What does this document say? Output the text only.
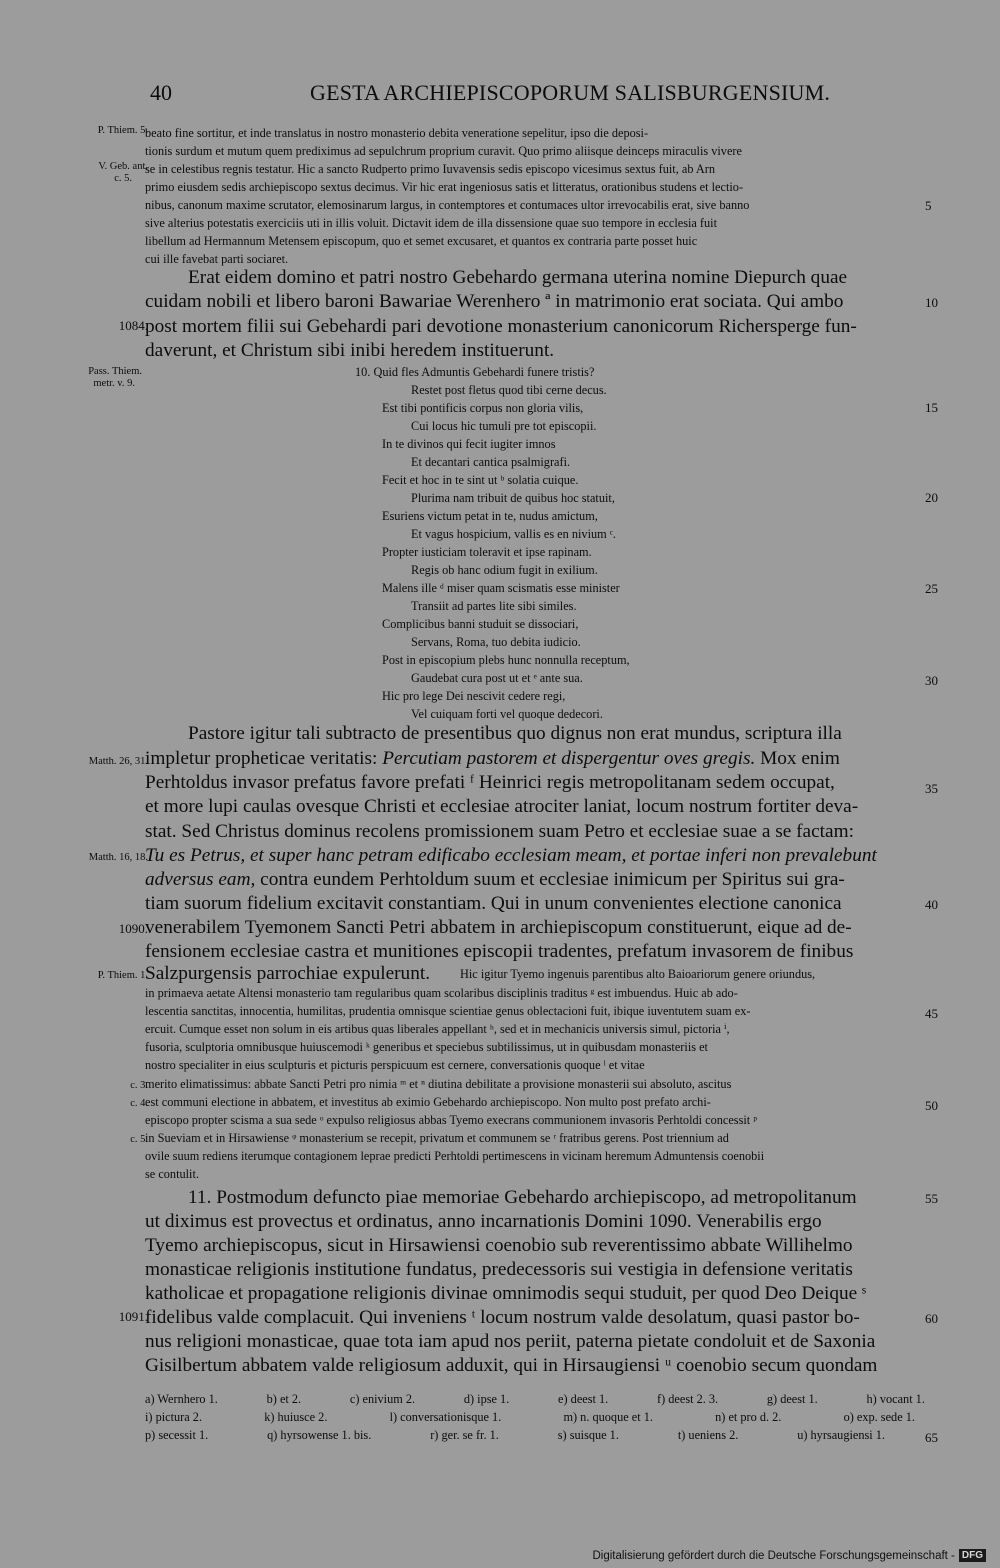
40	GESTA ARCHIEPISCOPORUM SALISBURGENSIUM.
P. Thiem. 5.
V. Geb. ant.
c. 5.
1084.
Pass. Thiem.
metr. v. 9.
Matth. 26, 31.
Matth. 16, 18.
1090.
P. Thiem. 1.
c. 3.
c. 4.
c. 5.
1091.
5
10
15
20
25
30
35
40
45
50
55
60
65
beato fine sortitur, et inde translatus in nostro monasterio debita veneratione sepelitur, ipso die deposi-
tionis surdum et mutum quem prediximus ad sepulchrum proprium curavit. Quo primo aliisque deinceps miraculis vivere
se in celestibus regnis testatur. Hic a sancto Rudperto primo Iuvavensis sedis episcopo vicesimus sextus fuit, ab Arn
primo eiusdem sedis archiepiscopo sextus decimus. Vir hic erat ingeniosus satis et litteratus, orationibus studens et lectio-
nibus, canonum maxime scrutator, elemosinarum largus, in contemptores et contumaces ultor irrevocabilis erat, sive banno
sive alterius potestatis exerciciis uti in illis voluit. Dictavit idem de illa dissensione quae suo tempore in ecclesia fuit
libellum ad Hermannum Metensem episcopum, quo et semet excusaret, et quantos ex contraria parte posset huic
cui ille favebat parti sociaret.
Erat eidem domino et patri nostro Gebehardo germana uterina nomine Diepurch quae
cuidam nobili et libero baroni Bawariae Werenhero ª in matrimonio erat sociata. Qui ambo
post mortem filii sui Gebehardi pari devotione monasterium canonicorum Richersperge fun-
daverunt, et Christum sibi inibi heredem instituerunt.
10. Quid fles Admuntis Gebehardi funere tristis?
Restet post fletus quod tibi cerne decus.
Est tibi pontificis corpus non gloria vilis,
Cui locus hic tumuli pre tot episcopii.
In te divinos qui fecit iugiter imnos
Et decantari cantica psalmigrafi.
Fecit et hoc in te sint ut ᵇ solatia cuique.
Plurima nam tribuit de quibus hoc statuit,
Esuriens victum petat in te, nudus amictum,
Et vagus hospicium, vallis es en nivium ᶜ.
Propter iusticiam toleravit et ipse rapinam.
Regis ob hanc odium fugit in exilium.
Malens ille ᵈ miser quam scismatis esse minister
Transiit ad partes lite sibi similes.
Complicibus banni studuit se dissociari,
Servans, Roma, tuo debita iudicio.
Post in episcopium plebs hunc nonnulla receptum,
Gaudebat cura post ut et ᵉ ante sua.
Hic pro lege Dei nescivit cedere regi,
Vel cuiquam forti vel quoque dedecori.
Pastore igitur tali subtracto de presentibus quo dignus non erat mundus, scriptura illa
impletur propheticae veritatis: Percutiam pastorem et dispergentur oves gregis. Mox enim
Perhtoldus invasor prefatus favore prefati ᶠ Heinrici regis metropolitanam sedem occupat,
et more lupi caulas ovesque Christi et ecclesiae atrociter laniat, locum nostrum fortiter deva-
stat. Sed Christus dominus recolens promissionem suam Petro et ecclesiae suae a se factam:
Tu es Petrus, et super hanc petram edificabo ecclesiam meam, et portae inferi non prevalebunt
adversus eam, contra eundem Perhtoldum suum et ecclesiae inimicum per Spiritus sui gra-
tiam suorum fidelium excitavit constantiam. Qui in unum convenientes electione canonica
venerabilem Tyemonem Sancti Petri abbatem in archiepiscopum constituerunt, eique ad de-
fensionem ecclesiae castra et munitiones episcopii tradentes, prefatum invasorem de finibus
Salzpurgensis parrochiae expulerunt.	Hic igitur Tyemo ingenuis parentibus alto Baioariorum genere oriundus,
in primaeva aetate Altensi monasterio tam regularibus quam scolaribus disciplinis traditus ᵍ est imbuendus. Huic ab ado-
lescentia sanctitas, innocentia, humilitas, prudentia omnisque scientiae genus oblectacioni fuit, ibique iuventutem suam ex-
ercuit. Cumque esset non solum in eis artibus quas liberales appellant ʰ, sed et in mechanicis universis simul, pictoria ⁱ,
fusoria, sculptoria omnibusque huiuscemodi ᵏ generibus et speciebus subtilissimus, ut in quibusdam monasteriis et
nostro specialiter in eius sculpturis et picturis perspicuum est cernere, conversationis quoque ˡ et vitae
merito elimatissimus: abbate Sancti Petri pro nimia ᵐ et ⁿ diutina debilitate a provisione monasterii sui absoluto, ascitus
est communi electione in abbatem, et investitus ab eximio Gebehardo archiepiscopo. Non multo post prefato archi-
episcopo propter scisma a sua sede ᵒ expulso religiosus abbas Tyemo execrans communionem invasoris Perhtoldi concessit ᵖ
in Sueviam et in Hirsawiense ᵠ monasterium se recepit, privatum et communem se ʳ fratribus gerens. Post triennium ad
ovile suum rediens iterumque contagionem leprae predicti Perhtoldi pertimescens in vicinam heremum Admuntensis coenobii
se contulit.
11. Postmodum defuncto piae memoriae Gebehardo archiepiscopo, ad metropolitanum
ut diximus est provectus et ordinatus, anno incarnationis Domini 1090. Venerabilis ergo
Tyemo archiepiscopus, sicut in Hirsawiensi coenobio sub reverentissimo abbate Willihelmo
monasticae religionis institutione fundatus, predecessoris sui vestigia in defensione veritatis
katholicae et propagatione religionis divinae omnimodis sequi studuit, per quod Deo Deique ˢ
fidelibus valde complacuit. Qui inveniens ᵗ locum nostrum valde desolatum, quasi pastor bo-
nus religioni monasticae, quae tota iam apud nos periit, paterna pietate condoluit et de Saxonia
Gisilbertum abbatem valde religiosum adduxit, qui in Hirsaugiensi ᵘ coenobio secum quondam
a) Wernhero 1.	b) et 2.	c) enivium 2.	d) ipse 1.	e) deest 1.	f) deest 2. 3.	g) deest 1.	h) vocant 1.
i) pictura 2.	k) huiusce 2.	l) conversationisque 1.	m) n. quoque et 1.	n) et pro d. 2.	o) exp. sede 1.
p) secessit 1.	q) hyrsowense 1. bis.	r) ger. se fr. 1.	s) suisque 1.	t) ueniens 2.	u) hyrsaugiensi 1.
Digitalisierung gefördert durch die Deutsche Forschungsgemeinschaft - DFG
